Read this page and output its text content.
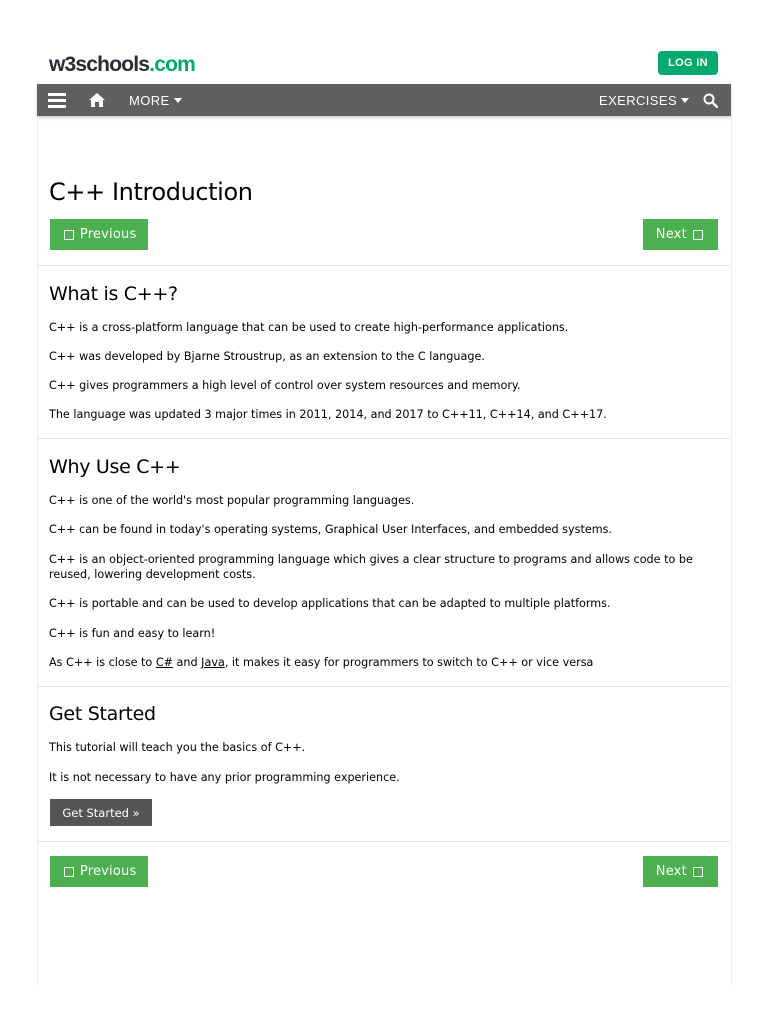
w3schools.com	LOG IN
MORE	EXERCISES
C++ Introduction

Previous	Next

What is C++?

C++ is a cross-platform language that can be used to create high-performance applications.

C++ was developed by Bjarne Stroustrup, as an extension to the C language.

C++ gives programmers a high level of control over system resources and memory.

The language was updated 3 major times in 2011, 2014, and 2017 to C++11, C++14, and C++17.

Why Use C++

C++ is one of the world's most popular programming languages.

C++ can be found in today's operating systems, Graphical User Interfaces, and embedded systems.

C++ is an object-oriented programming language which gives a clear structure to programs and allows code to be reused, lowering development costs.

C++ is portable and can be used to develop applications that can be adapted to multiple platforms.

C++ is fun and easy to learn!

As C++ is close to C# and Java, it makes it easy for programmers to switch to C++ or vice versa

Get Started

This tutorial will teach you the basics of C++.

It is not necessary to have any prior programming experience.

Get Started »

Previous	Next
